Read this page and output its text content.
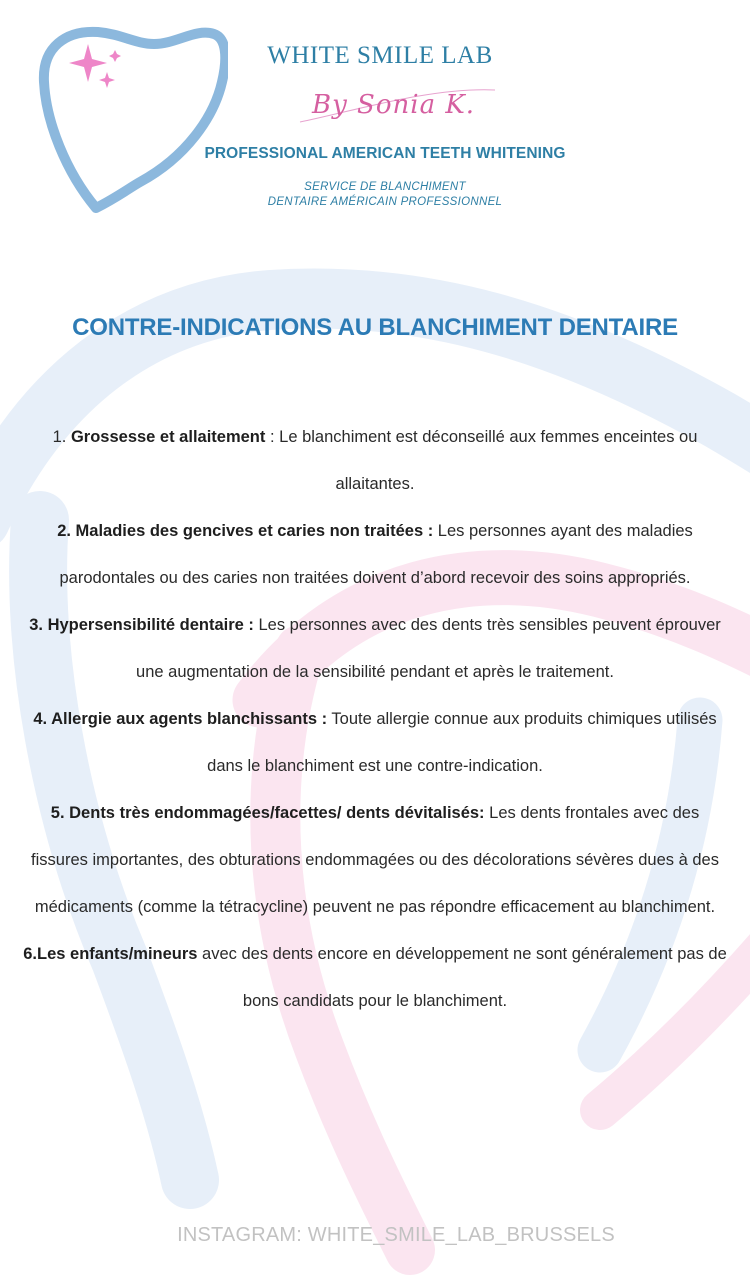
WHITE SMILE LAB
By Sonia K.
PROFESSIONAL AMERICAN TEETH WHITENING
SERVICE DE BLANCHIMENT
DENTAIRE AMÉRICAIN PROFESSIONNEL
CONTRE-INDICATIONS AU BLANCHIMENT DENTAIRE

1. Grossesse et allaitement : Le blanchiment est déconseillé aux femmes enceintes ou allaitantes.

2. Maladies des gencives et caries non traitées : Les personnes ayant des maladies parodontales ou des caries non traitées doivent d’abord recevoir des soins appropriés.

3. Hypersensibilité dentaire : Les personnes avec des dents très sensibles peuvent éprouver une augmentation de la sensibilité pendant et après le traitement.

4. Allergie aux agents blanchissants : Toute allergie connue aux produits chimiques utilisés dans le blanchiment est une contre-indication.

5. Dents très endommagées/facettes/ dents dévitalisés: Les dents frontales avec des fissures importantes, des obturations endommagées ou des décolorations sévères dues à des médicaments (comme la tétracycline) peuvent ne pas répondre efficacement au blanchiment.

6.Les enfants/mineurs avec des dents encore en développement ne sont généralement pas de bons candidats pour le blanchiment.

INSTAGRAM: WHITE_SMILE_LAB_BRUSSELS
